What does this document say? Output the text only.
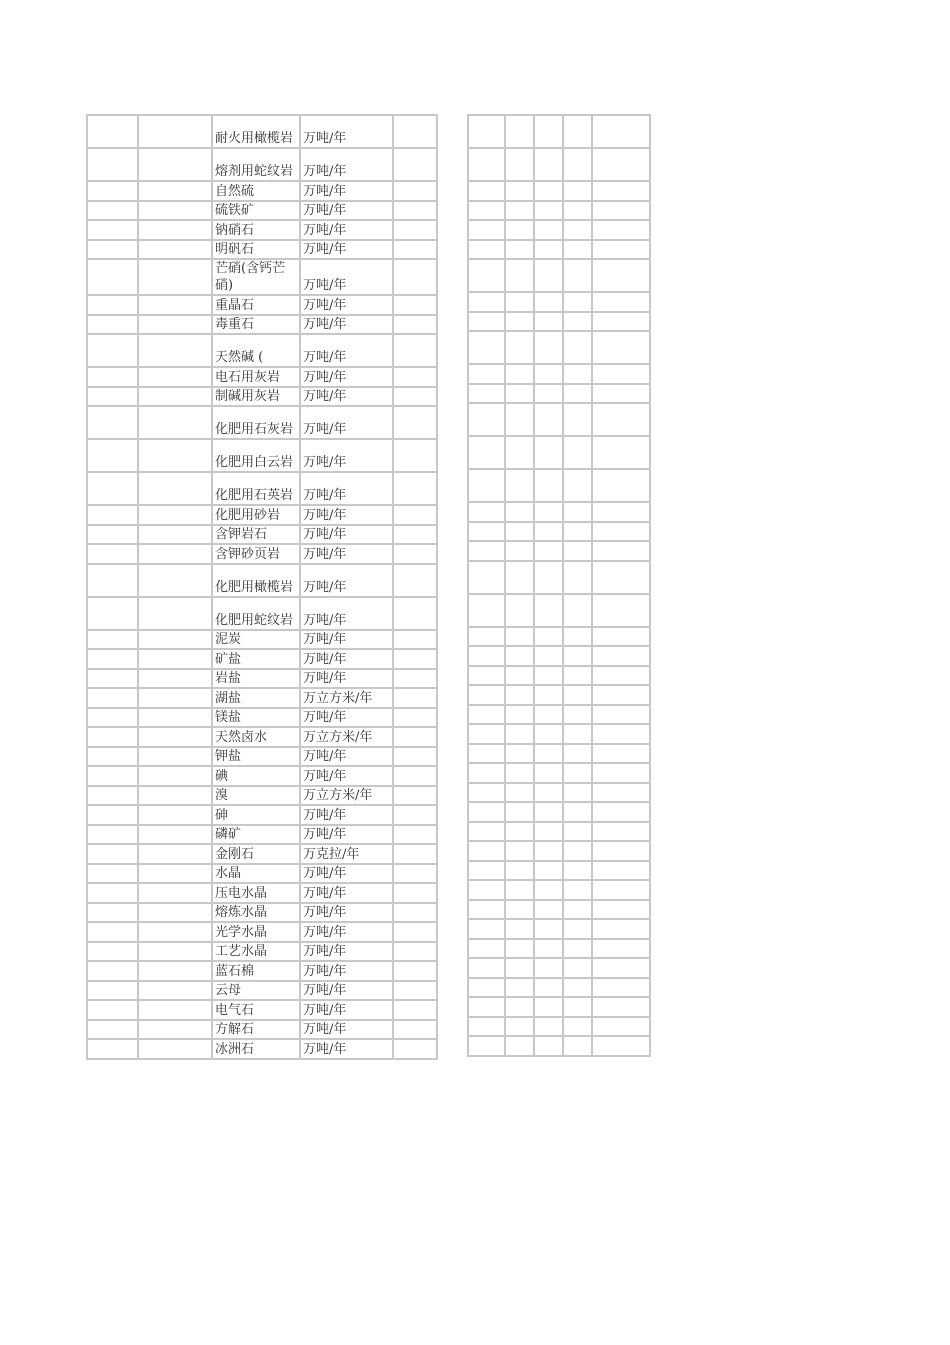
		耐火用橄榄岩	万吨/年	

		熔剂用蛇纹岩	万吨/年	

		自然硫	万吨/年	

		硫铁矿	万吨/年	

		钠硝石	万吨/年	

		明矾石	万吨/年	

		芒硝(含钙芒硝)	万吨/年	

		重晶石	万吨/年	

		毒重石	万吨/年	

		天然碱 (	万吨/年	

		电石用灰岩	万吨/年	

		制碱用灰岩	万吨/年	

		化肥用石灰岩	万吨/年	

		化肥用白云岩	万吨/年	

		化肥用石英岩	万吨/年	

		化肥用砂岩	万吨/年	

		含钾岩石	万吨/年	

		含钾砂页岩	万吨/年	

		化肥用橄榄岩	万吨/年	

		化肥用蛇纹岩	万吨/年	

		泥炭	万吨/年	

		矿盐	万吨/年	

		岩盐	万吨/年	

		湖盐	万立方米/年	

		镁盐	万吨/年	

		天然卤水	万立方米/年	

		钾盐	万吨/年	

		碘	万吨/年	

		溴	万立方米/年	

		砷	万吨/年	

		磷矿	万吨/年	

		金刚石	万克拉/年	

		水晶	万吨/年	

		压电水晶	万吨/年	

		熔炼水晶	万吨/年	

		光学水晶	万吨/年	

		工艺水晶	万吨/年	

		蓝石棉	万吨/年	

		云母	万吨/年	

		电气石	万吨/年	

		方解石	万吨/年	

		冰洲石	万吨/年	
